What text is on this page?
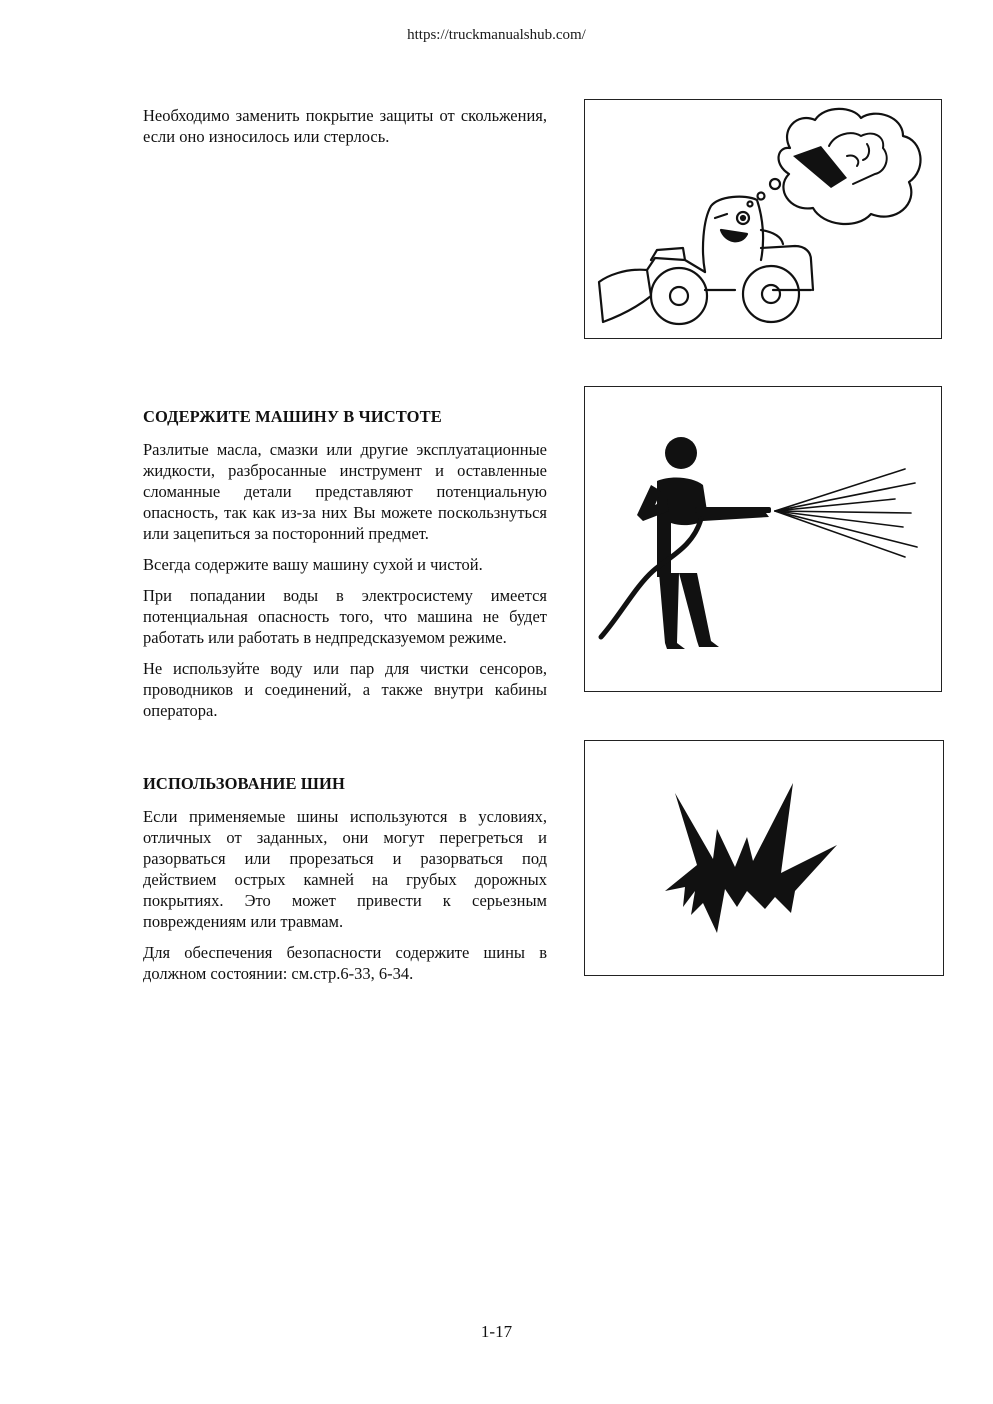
https://truckmanualshub.com/

Необходимо заменить покрытие защиты от скольжения, если оно износилось или стерлось.

СОДЕРЖИТЕ МАШИНУ В ЧИСТОТЕ

Разлитые масла, смазки или другие эксплуатационные жидкости, разбросанные инструмент и оставленные сломанные детали представляют потенциальную опасность, так как из-за них Вы можете поскользнуться или зацепиться за посторонний предмет.

Всегда содержите вашу машину сухой и чистой.

При попадании воды в электросистему имеется потенциальная опасность того, что машина не будет работать или работать в недпредсказуемом режиме.

Не используйте воду или пар для чистки сенсоров, проводников и соединений, а также внутри кабины оператора.

ИСПОЛЬЗОВАНИЕ ШИН

Если применяемые шины используются в условиях, отличных от заданных, они могут перегреться и разорваться или прорезаться и разорваться под действием острых камней на грубых дорожных покрытиях. Это может привести к серьезным повреждениям или травмам.

Для обеспечения безопасности содержите шины в должном состоянии: см.стр.6-33, 6-34.

1-17
